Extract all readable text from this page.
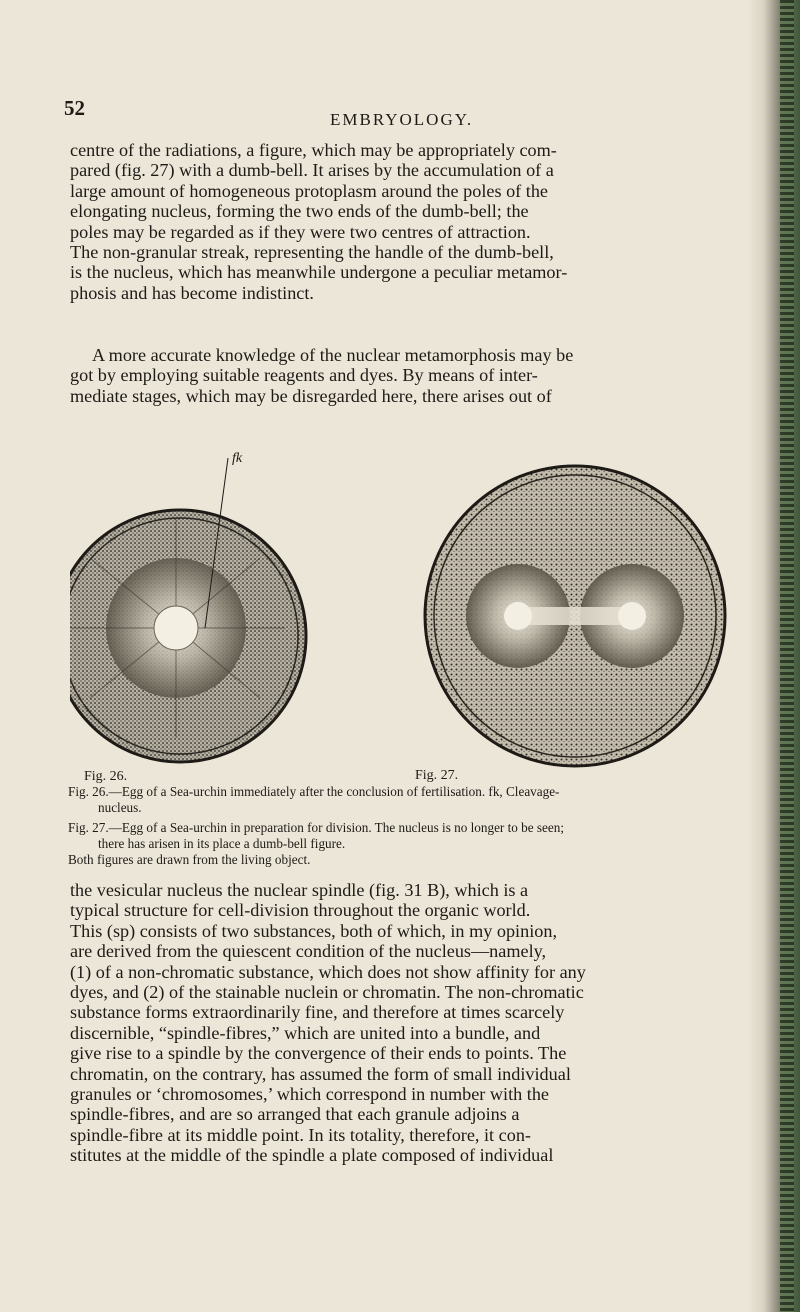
52	EMBRYOLOGY.

centre of the radiations, a figure, which may be appropriately com-

pared (fig. 27) with a dumb-bell. It arises by the accumulation of a

large amount of homogeneous protoplasm around the poles of the

elongating nucleus, forming the two ends of the dumb-bell; the

poles may be regarded as if they were two centres of attraction.

The non-granular streak, representing the handle of the dumb-bell,

is the nucleus, which has meanwhile undergone a peculiar metamor-

phosis and has become indistinct.

A more accurate knowledge of the nuclear metamorphosis may be

got by employing suitable reagents and dyes. By means of inter-

mediate stages, which may be disregarded here, there arises out of

fk
Fig. 26.	Fig. 27.
Fig. 26.—Egg of a Sea-urchin immediately after the conclusion of fertilisation. fk, Cleavage-
nucleus.
Fig. 27.—Egg of a Sea-urchin in preparation for division. The nucleus is no longer to be seen;
there has arisen in its place a dumb-bell figure.
Both figures are drawn from the living object.

the vesicular nucleus the nuclear spindle (fig. 31 B), which is a

typical structure for cell-division throughout the organic world.

This (sp) consists of two substances, both of which, in my opinion,

are derived from the quiescent condition of the nucleus—namely,

(1) of a non-chromatic substance, which does not show affinity for any

dyes, and (2) of the stainable nuclein or chromatin. The non-chromatic

substance forms extraordinarily fine, and therefore at times scarcely

discernible, “spindle-fibres,” which are united into a bundle, and

give rise to a spindle by the convergence of their ends to points. The

chromatin, on the contrary, has assumed the form of small individual

granules or ‘chromosomes,’ which correspond in number with the

spindle-fibres, and are so arranged that each granule adjoins a

spindle-fibre at its middle point. In its totality, therefore, it con-

stitutes at the middle of the spindle a plate composed of individual
